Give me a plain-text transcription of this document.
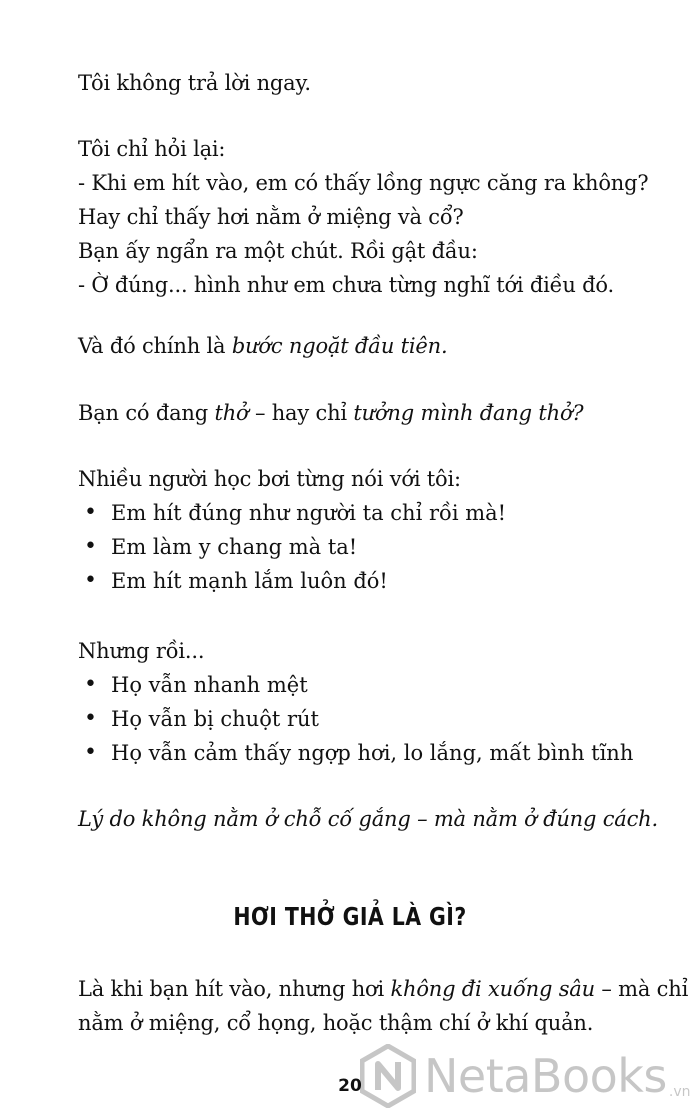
Tôi không trả lời ngay.
Tôi chỉ hỏi lại:
- Khi em hít vào, em có thấy lồng ngực căng ra không?
Hay chỉ thấy hơi nằm ở miệng và cổ?
Bạn ấy ngẩn ra một chút. Rồi gật đầu:
- Ờ đúng... hình như em chưa từng nghĩ tới điều đó.
Và đó chính là bước ngoặt đầu tiên.
Bạn có đang thở – hay chỉ tưởng mình đang thở?
Nhiều người học bơi từng nói với tôi:
• Em hít đúng như người ta chỉ rồi mà!
• Em làm y chang mà ta!
• Em hít mạnh lắm luôn đó!
Nhưng rồi...
• Họ vẫn nhanh mệt
• Họ vẫn bị chuột rút
• Họ vẫn cảm thấy ngợp hơi, lo lắng, mất bình tĩnh
Lý do không nằm ở chỗ cố gắng – mà nằm ở đúng cách.
HƠI THỞ GIẢ LÀ GÌ?
Là khi bạn hít vào, nhưng hơi không đi xuống sâu – mà chỉ
nằm ở miệng, cổ họng, hoặc thậm chí ở khí quản.
20	NetaBooks .vn
